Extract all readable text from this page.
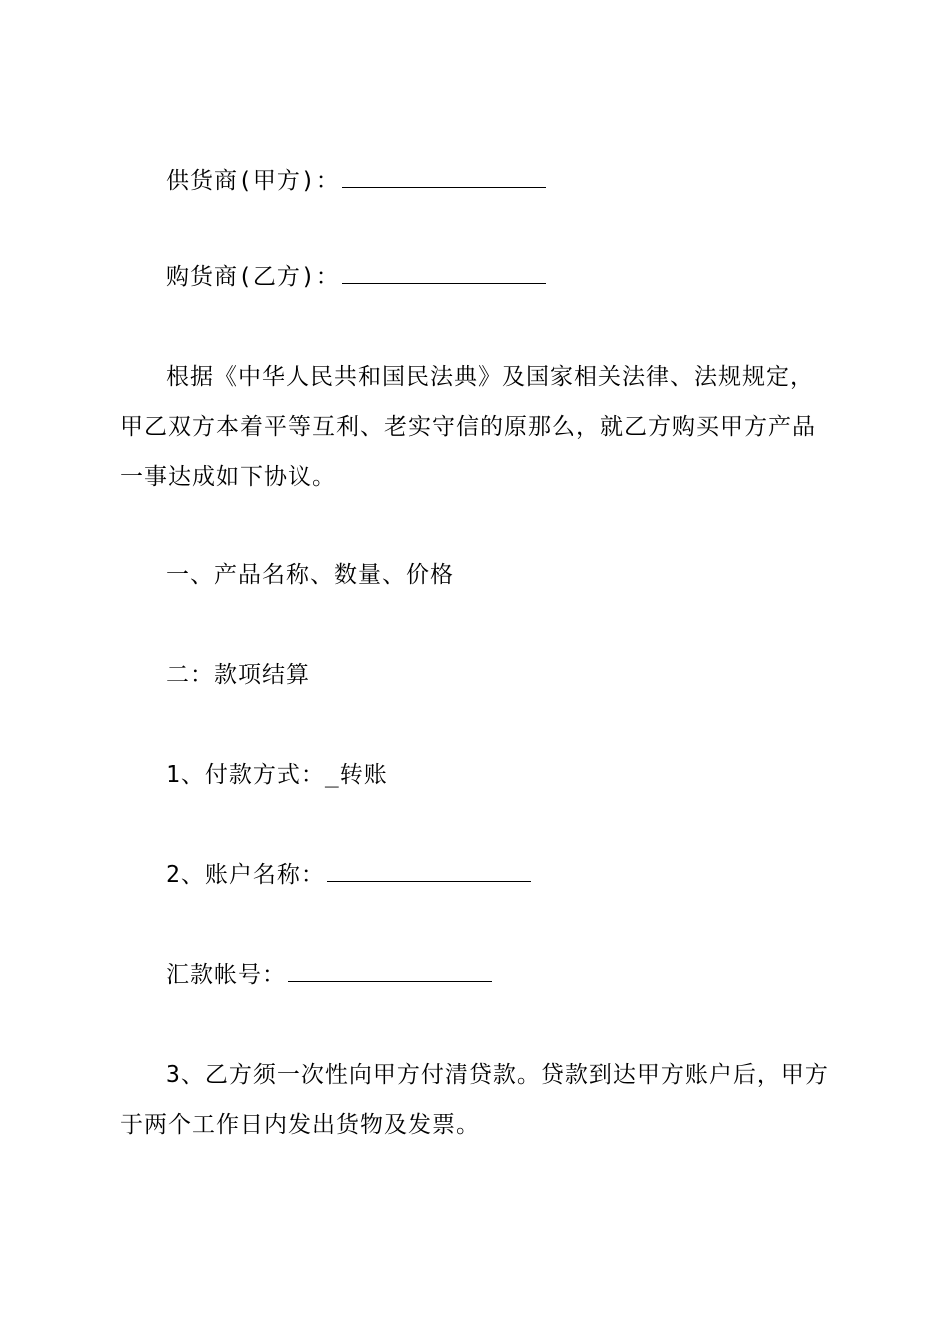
供货商(甲方)：
购货商(乙方)：
根据《中华人民共和国民法典》及国家相关法律、法规规定，
甲乙双方本着平等互利、老实守信的原那么，就乙方购买甲方产品
一事达成如下协议。
一、产品名称、数量、价格
二：款项结算
1、付款方式：_转账
2、账户名称：
汇款帐号：
3、乙方须一次性向甲方付清贷款。贷款到达甲方账户后，甲方
于两个工作日内发出货物及发票。
